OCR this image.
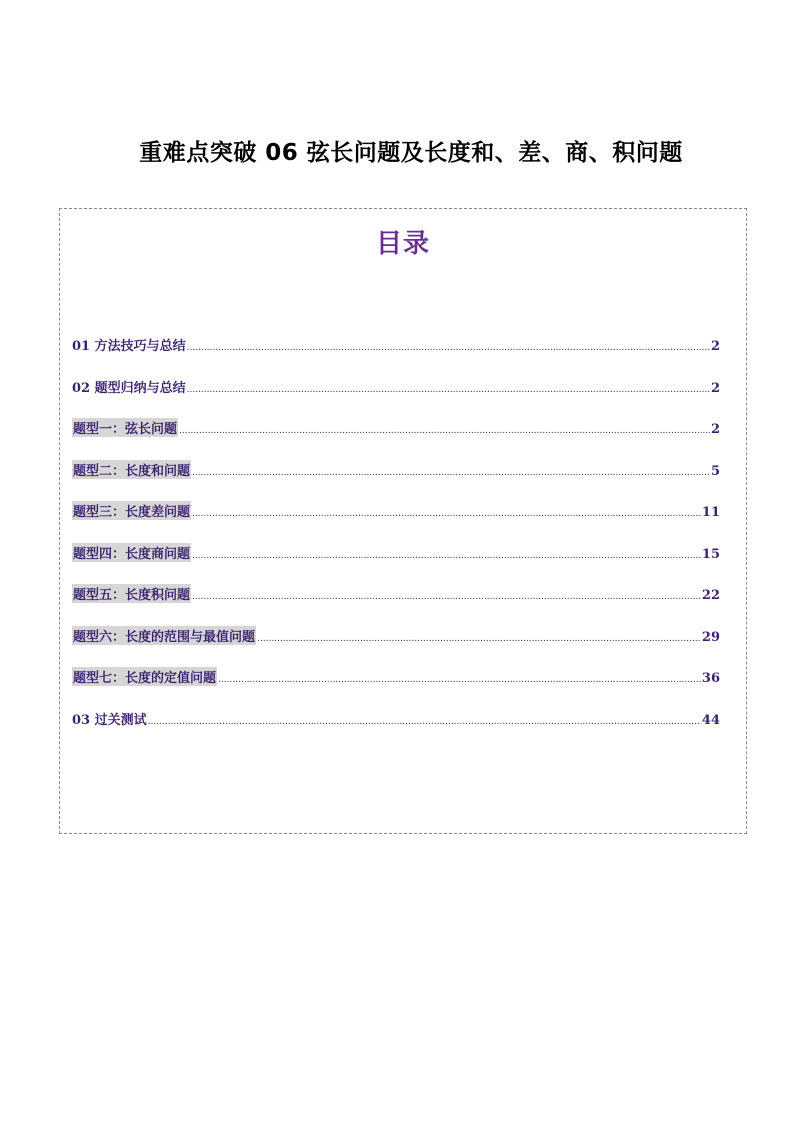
重难点突破 06 弦长问题及长度和、差、商、积问题
目录
01 方法技巧与总结 .....	2
02 题型归纳与总结 .....	2
题型一：弦长问题 .....	2
题型二：长度和问题 .....	5
题型三：长度差问题 .....	11
题型四：长度商问题 .....	15
题型五：长度积问题 .....	22
题型六：长度的范围与最值问题 .....	29
题型七：长度的定值问题 .....	36
03 过关测试 .....	44
